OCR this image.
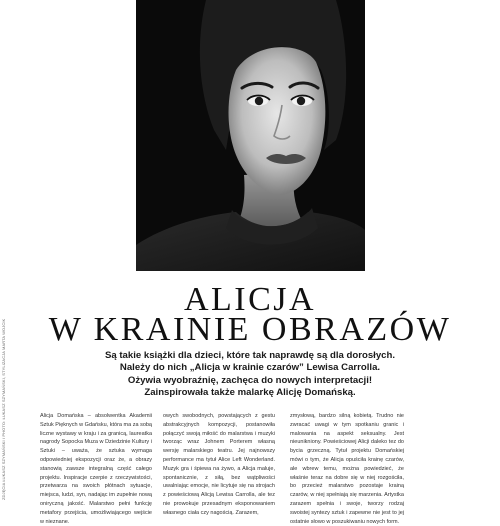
ZDJĘCIA ŁUKASZ SZYMAŃSKI / PHOTO: ŁUKASZ SZYMAŃSKI, STYLIZACJA MARTA WOJCIK
ALICJA
W KRAINIE OBRAZÓW
Są takie książki dla dzieci, które tak naprawdę są dla dorosłych. Należy do nich „Alicja w krainie czarów” Lewisa Carrolla. Ożywia wyobraźnię, zachęca do nowych interpretacji! Zainspirowała także malarkę Alicję Domańską.
Alicja Domańska – absolwentka Akademii Sztuk Pięknych w Gdańsku, która ma za sobą liczne wystawy w kraju i za granicą, laureatka nagrody Sopocka Muza w Dziedzinie Kultury i Sztuki – uważa, że sztuka wymaga odpowiedniej ekspozycji oraz że, a obrazy stanowią zawsze integralną część całego projektu. Inspiracje czerpie z rzeczywistości, przetwarza na swoich płótnach sytuacje, miejsca, ludzi, syn, nadając im zupełnie nową oniryczną jakość. Malarstwo pełni funkcję metafory przejścia, umożliwiającego wejście w nieznane.
owych swobodnych, powstających z gestu abstrakcyjnych kompozycji, postanowiła połączyć swoją miłość do malarstwa i muzyki tworząc wraz Johnem Porterem własną wersję malarskiego teatru. Jej najnowszy performance ma tytuł Alice Left Wonderland. Muzyk gra i śpiewa na żywo, a Alicja maluje, spontanicznie, z siłą, bez wątpliwości uwalniając emocje, nie licytuje się na strojach z powieściową Alicją Lewisa Carrolla, ale tez nie prowokuje przesadnym eksponowaniem własnego ciała czy nagością. Zarazem,
zmysłową, bardzo silną kobietą. Trudno nie zwracać uwagi w tym spotkaniu granic i malowania na aspekt seksualny. Jest nieunikniony. Powieściowej Alicji daleko tez do bycia grzeczną. Tytuł projektu Domańskiej mówi o tym, że Alicja opuściła krainę czarów, ale wbrew temu, można powiedzieć, że właśnie teraz na dobre się w niej rozgościła, bo przecież malarstwo pozostaje krainą czarów, w niej spełniają się marzenia. Artystka zarazem spełnia i swoje, tworzy rodzaj swoistej syntezy sztuk i zapewne nie jest to jej ostatnie słowo w poszukiwaniu nowych form.
